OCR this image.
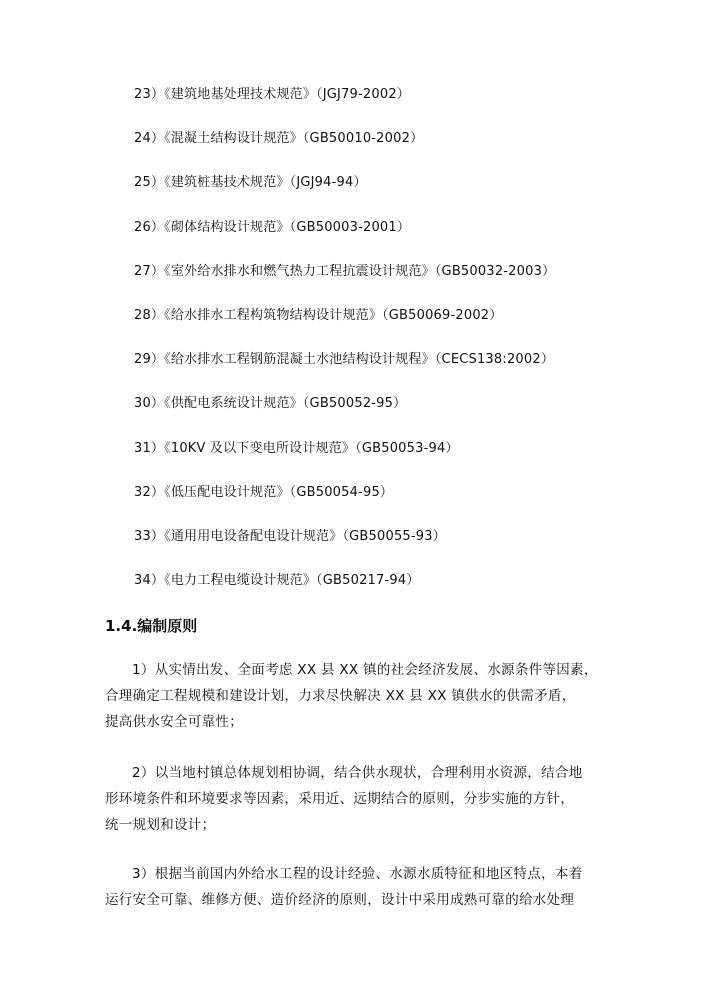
23）《建筑地基处理技术规范》（JGJ79-2002）
24）《混凝土结构设计规范》（GB50010-2002）
25）《建筑桩基技术规范》（JGJ94-94）
26）《砌体结构设计规范》（GB50003-2001）
27）《室外给水排水和燃气热力工程抗震设计规范》（GB50032-2003）
28）《给水排水工程构筑物结构设计规范》（GB50069-2002）
29）《给水排水工程钢筋混凝土水池结构设计规程》（CECS138:2002）
30）《供配电系统设计规范》（GB50052-95）
31）《10KV 及以下变电所设计规范》（GB50053-94）
32）《低压配电设计规范》（GB50054-95）
33）《通用用电设备配电设计规范》（GB50055-93）
34）《电力工程电缆设计规范》（GB50217-94）
1.4.编制原则

1）从实情出发、全面考虑 XX 县 XX 镇的社会经济发展、水源条件等因素，
合理确定工程规模和建设计划，力求尽快解决 XX 县 XX 镇供水的供需矛盾，
提高供水安全可靠性；

2）以当地村镇总体规划相协调，结合供水现状，合理利用水资源，结合地
形环境条件和环境要求等因素，采用近、远期结合的原则，分步实施的方针，
统一规划和设计；

3）根据当前国内外给水工程的设计经验、水源水质特征和地区特点，本着
运行安全可靠、维修方便、造价经济的原则，设计中采用成熟可靠的给水处理
